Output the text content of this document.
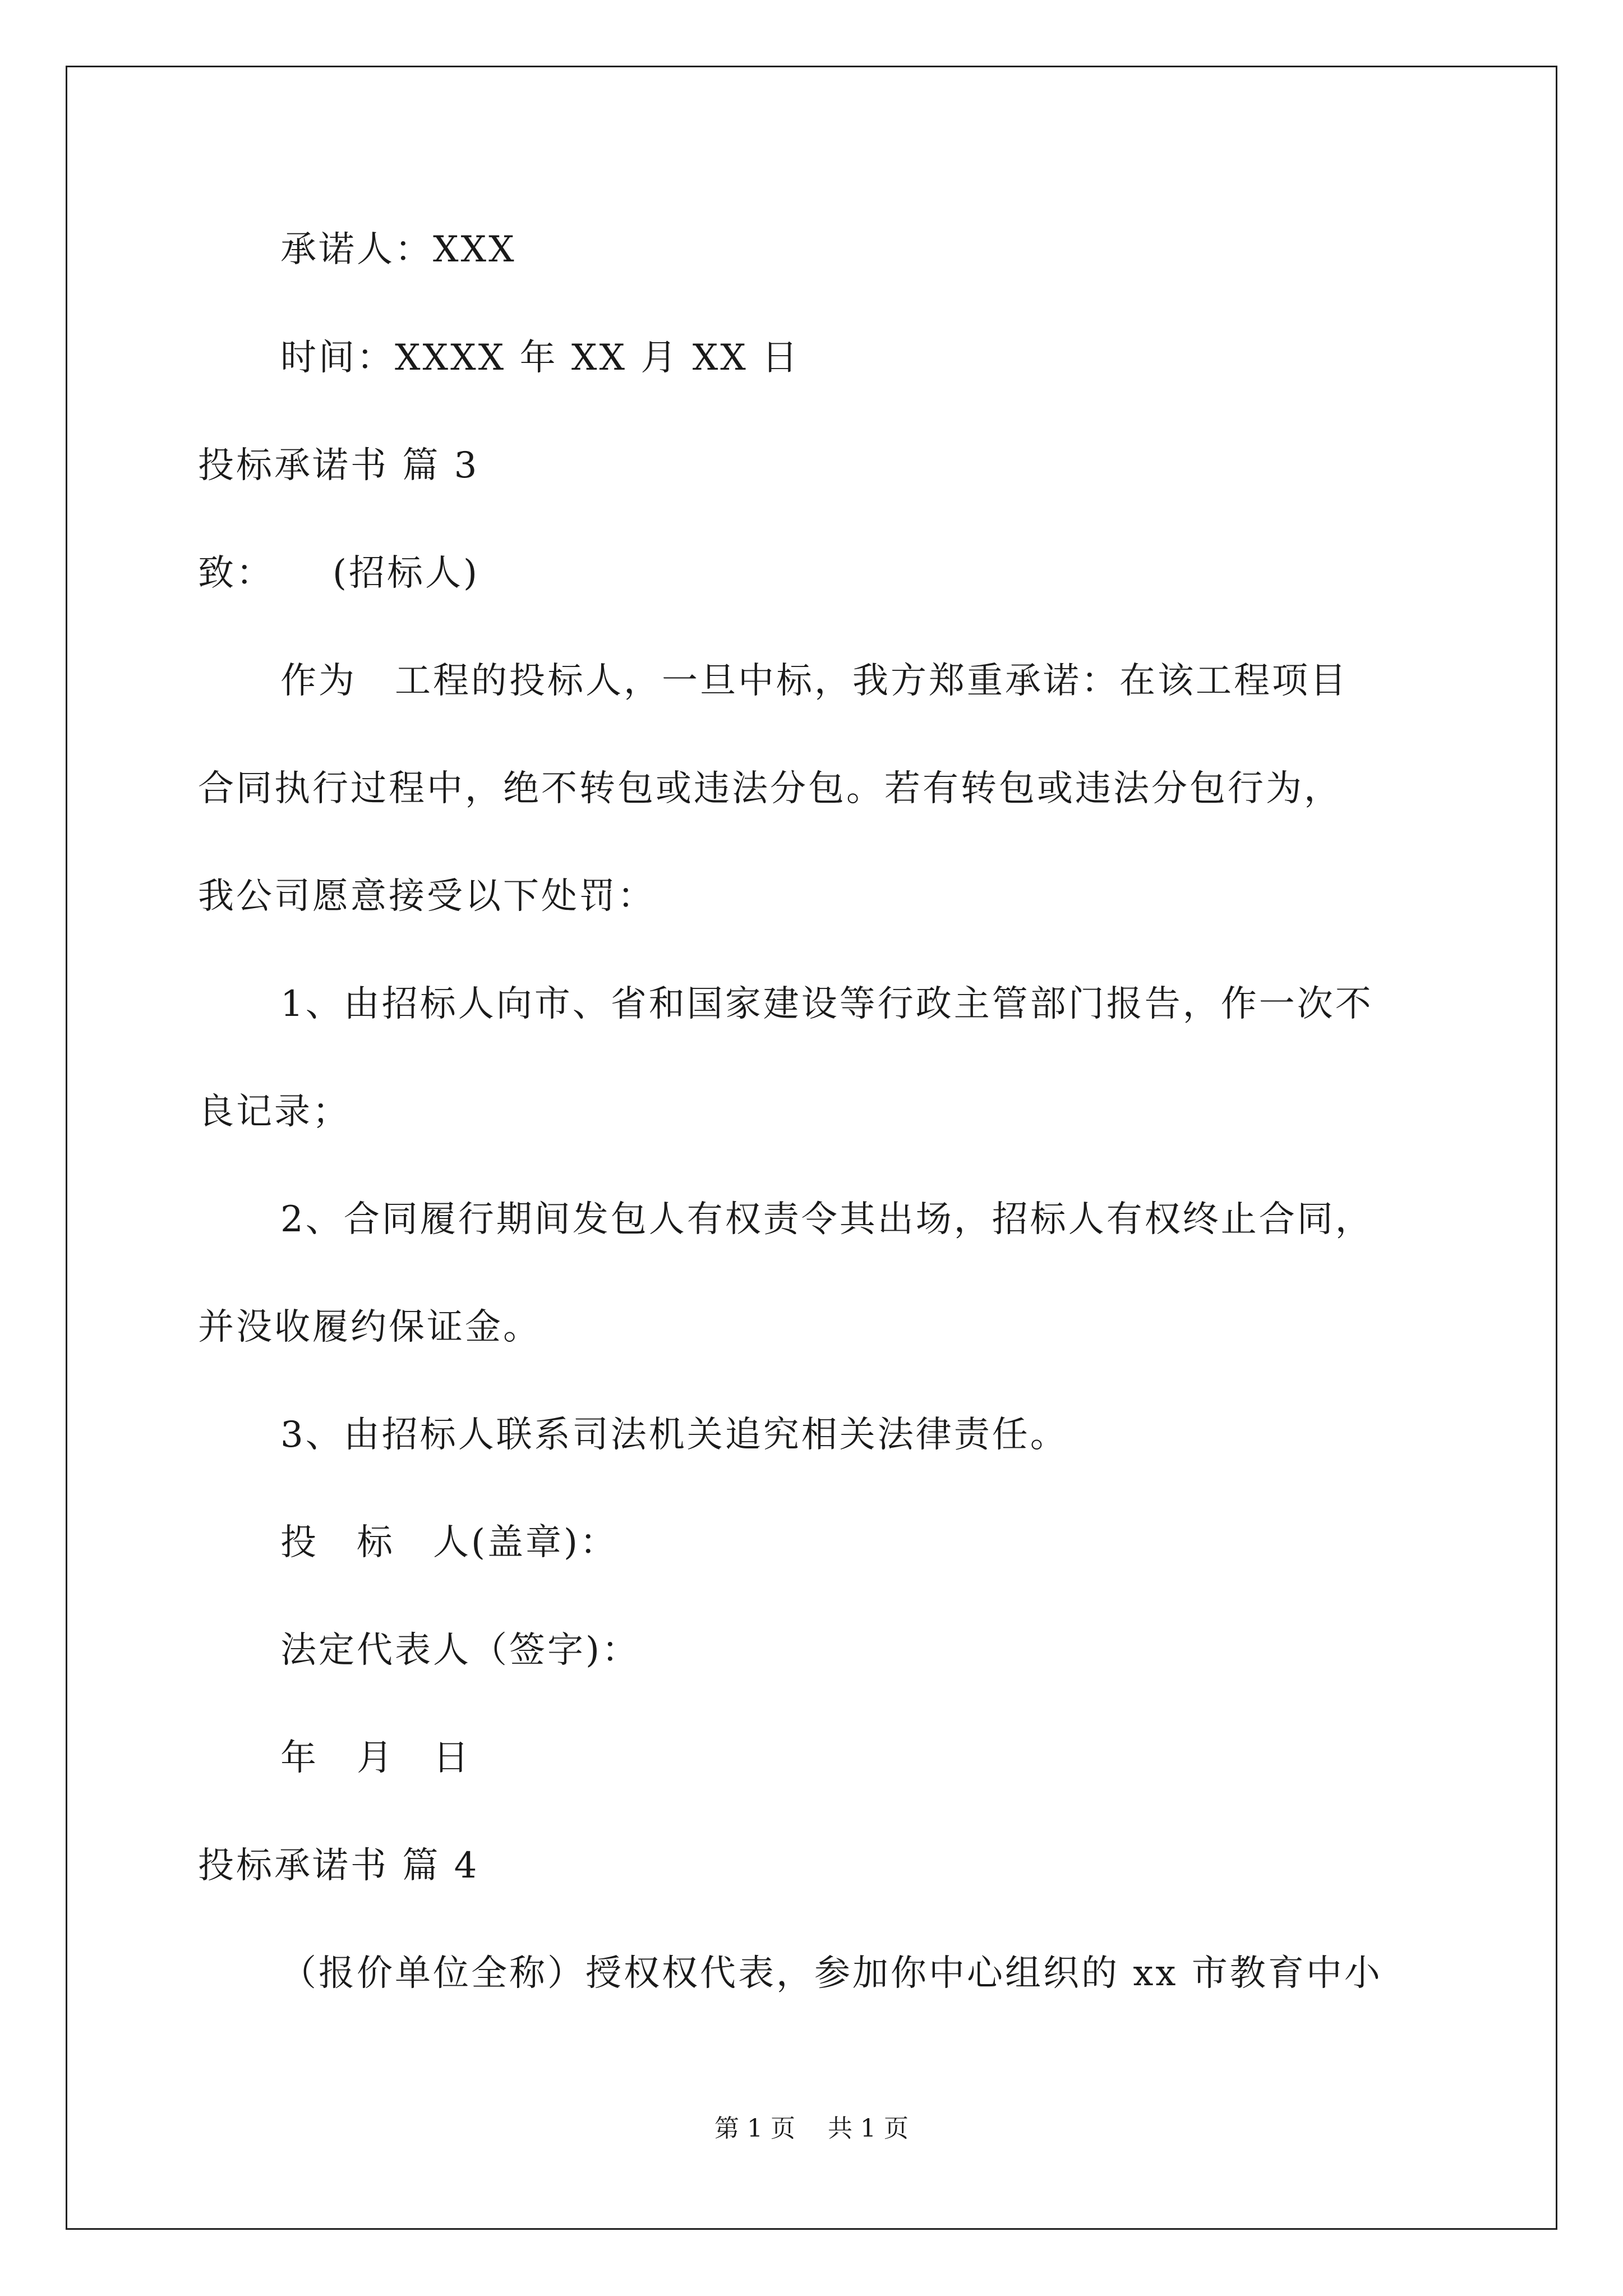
承诺人：XXX
时间：XXXX 年 XX 月 XX 日
投标承诺书 篇 3
致：　　(招标人)
作为　工程的投标人，一旦中标，我方郑重承诺：在该工程项目
合同执行过程中，绝不转包或违法分包。若有转包或违法分包行为，
我公司愿意接受以下处罚：
1、由招标人向市、省和国家建设等行政主管部门报告，作一次不
良记录；
2、合同履行期间发包人有权责令其出场，招标人有权终止合同，
并没收履约保证金。
3、由招标人联系司法机关追究相关法律责任。
投　标　人(盖章)：
法定代表人（签字)：
年　月　日
投标承诺书 篇 4
（报价单位全称）授权权代表，参加你中心组织的 xx 市教育中小
第 1 页　 共 1 页
